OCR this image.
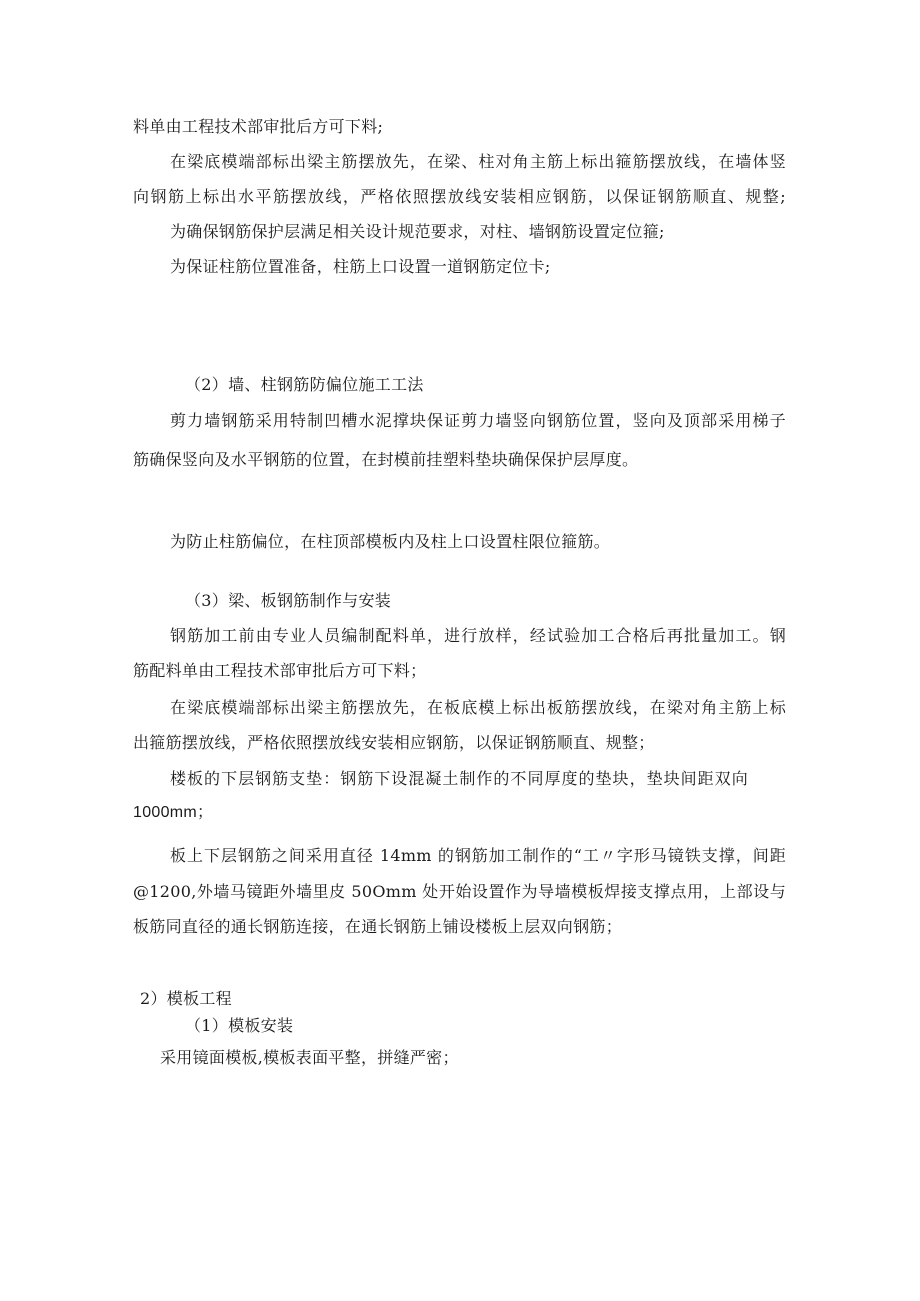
料单由工程技术部审批后方可下料;
在梁底模端部标出梁主筋摆放先，在梁、柱对角主筋上标出箍筋摆放线，在墙体竖
向钢筋上标出水平筋摆放线，严格依照摆放线安装相应钢筋，以保证钢筋顺直、规整;
为确保钢筋保护层满足相关设计规范要求，对柱、墙钢筋设置定位箍;
为保证柱筋位置准备，柱筋上口设置一道钢筋定位卡;
（2）墙、柱钢筋防偏位施工工法
剪力墙钢筋采用特制凹槽水泥撑块保证剪力墙竖向钢筋位置，竖向及顶部采用梯子
筋确保竖向及水平钢筋的位置，在封模前挂塑料垫块确保保护层厚度。
为防止柱筋偏位，在柱顶部模板内及柱上口设置柱限位箍筋。
（3）梁、板钢筋制作与安装
钢筋加工前由专业人员编制配料单，进行放样，经试验加工合格后再批量加工。钢
筋配料单由工程技术部审批后方可下料；
在梁底模端部标出梁主筋摆放先，在板底模上标出板筋摆放线，在梁对角主筋上标
出箍筋摆放线，严格依照摆放线安装相应钢筋，以保证钢筋顺直、规整；
楼板的下层钢筋支垫：钢筋下设混凝土制作的不同厚度的垫块，垫块间距双向
1000mm；
板上下层钢筋之间采用直径 14mm 的钢筋加工制作的“工〃字形马镜铁支撑，间距
@1200,外墙马镜距外墙里皮 50Omm 处开始设置作为导墙模板焊接支撑点用，上部设与
板筋同直径的通长钢筋连接，在通长钢筋上铺设楼板上层双向钢筋；
2）模板工程
（1）模板安装
采用镜面模板,模板表面平整，拼缝严密；
